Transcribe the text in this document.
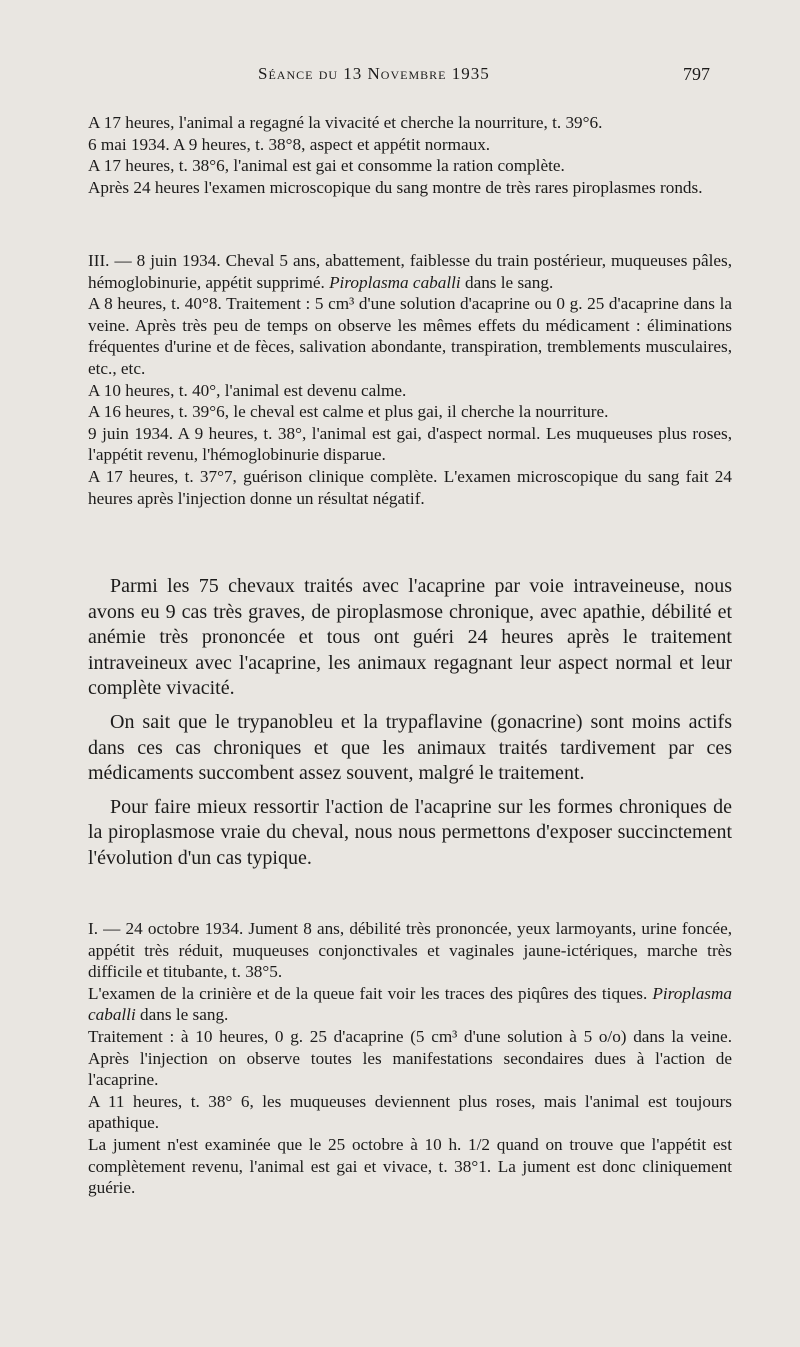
Séance du 13 Novembre 1935	797

A 17 heures, l'animal a regagné la vivacité et cherche la nourriture, t. 39°6.

6 mai 1934. A 9 heures, t. 38°8, aspect et appétit normaux.

A 17 heures, t. 38°6, l'animal est gai et consomme la ration complète.

Après 24 heures l'examen microscopique du sang montre de très rares piroplasmes ronds.

III. — 8 juin 1934. Cheval 5 ans, abattement, faiblesse du train postérieur, muqueuses pâles, hémoglobinurie, appétit supprimé. Piroplasma caballi dans le sang.

A 8 heures, t. 40°8. Traitement : 5 cm³ d'une solution d'acaprine ou 0 g. 25 d'acaprine dans la veine. Après très peu de temps on observe les mêmes effets du médicament : éliminations fréquentes d'urine et de fèces, salivation abondante, transpiration, tremblements musculaires, etc., etc.

A 10 heures, t. 40°, l'animal est devenu calme.

A 16 heures, t. 39°6, le cheval est calme et plus gai, il cherche la nourriture.

9 juin 1934. A 9 heures, t. 38°, l'animal est gai, d'aspect normal. Les muqueuses plus roses, l'appétit revenu, l'hémoglobinurie disparue.

A 17 heures, t. 37°7, guérison clinique complète. L'examen microscopique du sang fait 24 heures après l'injection donne un résultat négatif.

Parmi les 75 chevaux traités avec l'acaprine par voie intraveineuse, nous avons eu 9 cas très graves, de piroplasmose chronique, avec apathie, débilité et anémie très prononcée et tous ont guéri 24 heures après le traitement intraveineux avec l'acaprine, les animaux regagnant leur aspect normal et leur complète vivacité.

On sait que le trypanobleu et la trypaflavine (gonacrine) sont moins actifs dans ces cas chroniques et que les animaux traités tardivement par ces médicaments succombent assez souvent, malgré le traitement.

Pour faire mieux ressortir l'action de l'acaprine sur les formes chroniques de la piroplasmose vraie du cheval, nous nous permettons d'exposer succinctement l'évolution d'un cas typique.

I. — 24 octobre 1934. Jument 8 ans, débilité très prononcée, yeux larmoyants, urine foncée, appétit très réduit, muqueuses conjonctivales et vaginales jaune-ictériques, marche très difficile et titubante, t. 38°5.

L'examen de la crinière et de la queue fait voir les traces des piqûres des tiques. Piroplasma caballi dans le sang.

Traitement : à 10 heures, 0 g. 25 d'acaprine (5 cm³ d'une solution à 5 o/o) dans la veine. Après l'injection on observe toutes les manifestations secondaires dues à l'action de l'acaprine.

A 11 heures, t. 38° 6, les muqueuses deviennent plus roses, mais l'animal est toujours apathique.

La jument n'est examinée que le 25 octobre à 10 h. 1/2 quand on trouve que l'appétit est complètement revenu, l'animal est gai et vivace, t. 38°1. La jument est donc cliniquement guérie.
